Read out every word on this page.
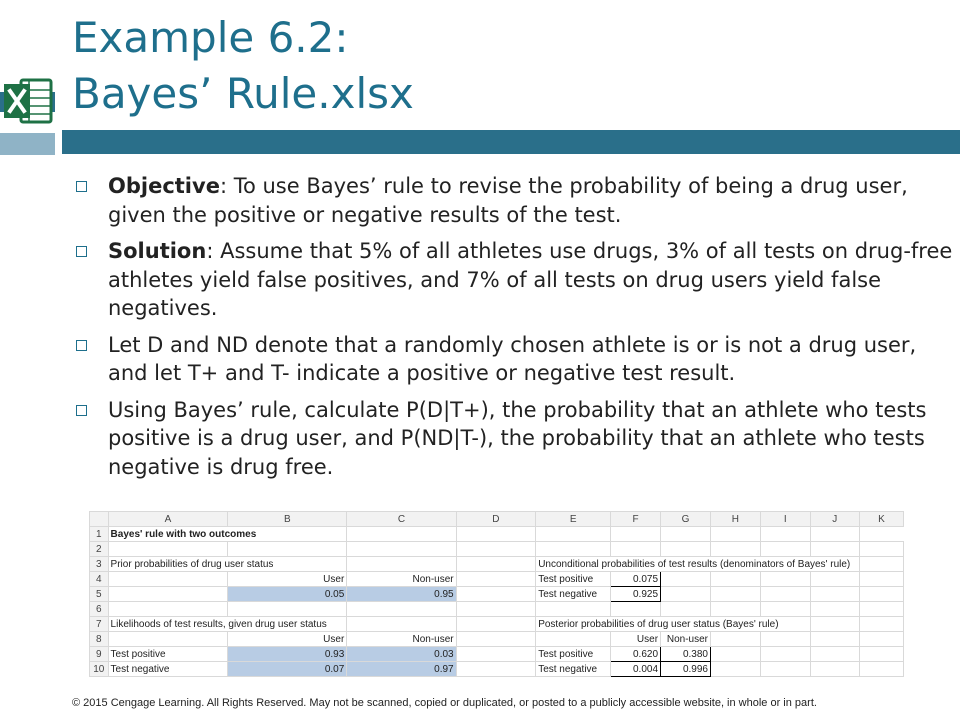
Example 6.2:
Bayes’ Rule.xlsx
Objective: To use Bayes’ rule to revise the probability of being a drug user, given the positive or negative results of the test.
Solution: Assume that 5% of all athletes use drugs, 3% of all tests on drug-free athletes yield false positives, and 7% of all tests on drug users yield false negatives.
Let D and ND denote that a randomly chosen athlete is or is not a drug user, and let T+ and T- indicate a positive or negative test result.
Using Bayes’ rule, calculate P(D|T+), the probability that an athlete who tests positive is a drug user, and P(ND|T-), the probability that an athlete who tests negative is drug free.
	A	B	C	D	E	F	G	H	I	J	K
1	Bayes' rule with two outcomes										
2											
3	Prior probabilities of drug user status				Unconditional probabilities of test results (denominators of Bayes' rule)						
4		User	Non-user		Test positive	0.075					
5		0.05	0.95		Test negative	0.925					
6											
7	Likelihoods of test results, given drug user status				Posterior probabilities of drug user status (Bayes' rule)						
8		User	Non-user			User	Non-user				
9	Test positive	0.93	0.03		Test positive	0.620	0.380				
10	Test negative	0.07	0.97		Test negative	0.004	0.996				
© 2015 Cengage Learning. All Rights Reserved. May not be scanned, copied or duplicated, or posted to a publicly accessible website, in whole or in part.
